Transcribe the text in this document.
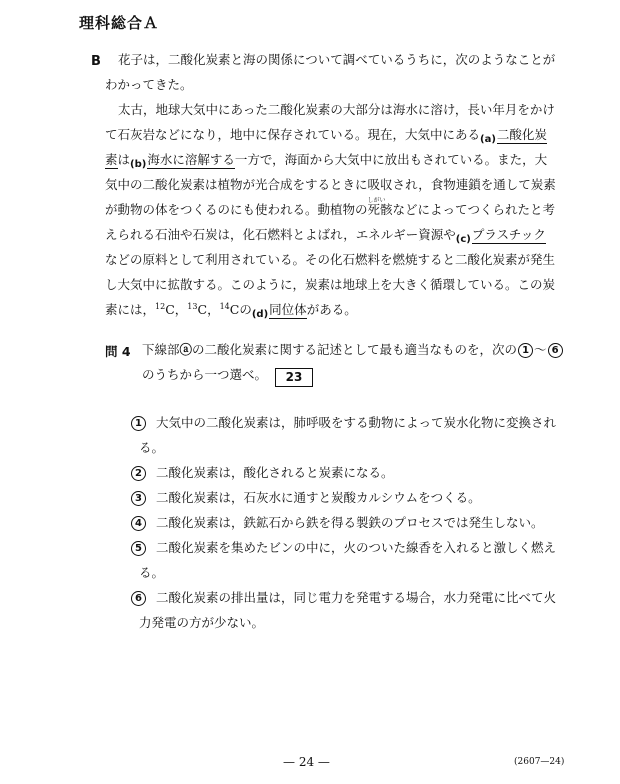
理科総合Ａ
B 花子は，二酸化炭素と海の関係について調べているうちに，次のようなことが
わかってきた。
太古，地球大気中にあった二酸化炭素の大部分は海水に溶け，長い年月をかけ
て石灰岩などになり，地中に保存されている。現在，大気中にある$_{(a)}$二酸化炭
素は$_{(b)}$海水に溶解する一方で，海面から大気中に放出もされている。また，大
気中の二酸化炭素は植物が光合成をするときに吸収され，食物連鎖を通して炭素
が動物の体をつくるのにも使われる。動植物の
しがい
死骸などによってつくられたと考
えられる石油や石炭は，化石燃料とよばれ，エネルギー資源や$_{(c)}$プラスチック
などの原料として利用されている。その化石燃料を燃焼すると二酸化炭素が発生
し大気中に拡散する。このように，炭素は地球上を大きく循環している。この炭
素には，$^{12}$C，$^{13}$C，$^{14}$Cの$_{(d)}$同位体がある。
問 4 下線部ⓐの二酸化炭素に関する記述として最も適当なものを，次の 1 ～ 6
のうちから一つ選べ。 23
1	大気中の二酸化炭素は，肺呼吸をする動物によって炭水化物に変換され
る。
2	二酸化炭素は，酸化されると炭素になる。
3	二酸化炭素は，石灰水に通すと炭酸カルシウムをつくる。
4	二酸化炭素は，鉄鉱石から鉄を得る製鉄のプロセスでは発生しない。
5	二酸化炭素を集めたビンの中に，火のついた線香を入れると激しく燃え
る。
6	二酸化炭素の排出量は，同じ電力を発電する場合，水力発電に比べて火
力発電の方が少ない。
— 24 —	(2607—24)
